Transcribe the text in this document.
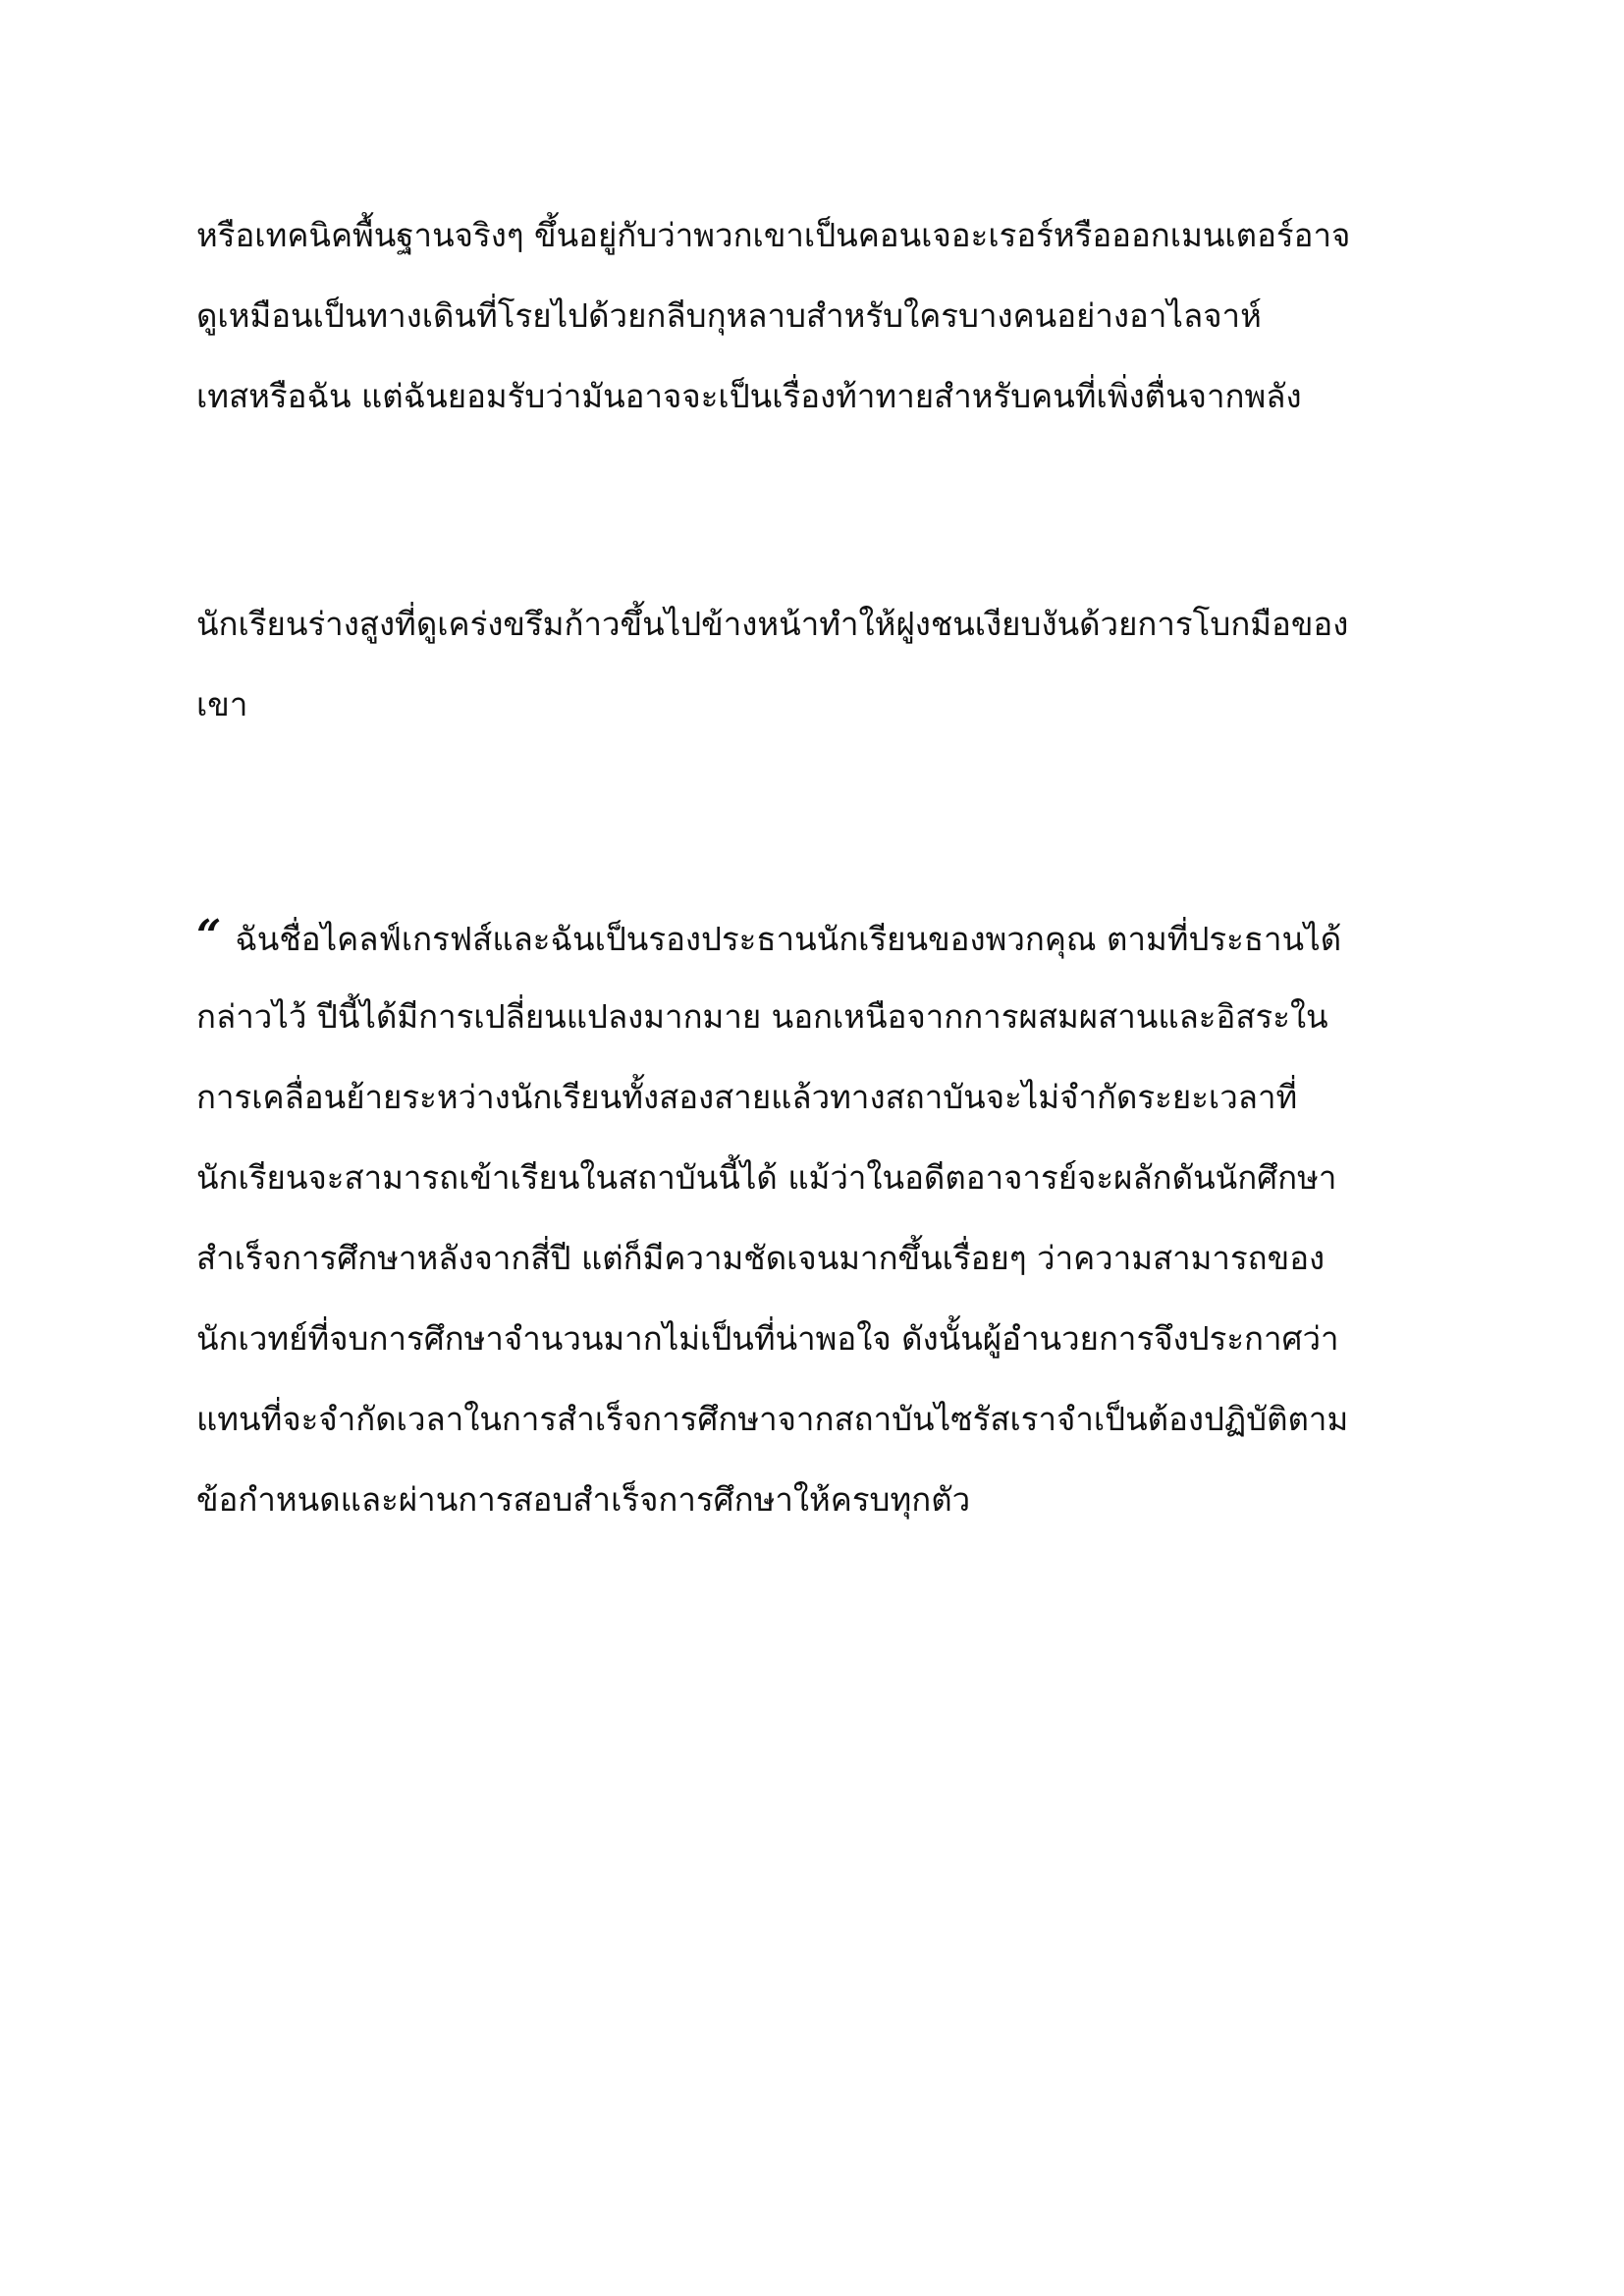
หรือเทคนิคพื้นฐานจริงๆ ขึ้นอยู่กับว่าพวกเขาเป็นคอนเจอะเรอร์หรือออกเมนเตอร์อาจ
ดูเหมือนเป็นทางเดินที่โรยไปด้วยกลีบกุหลาบสำหรับใครบางคนอย่างอาไลจาห์
เทสหรือฉัน แต่ฉันยอมรับว่ามันอาจจะเป็นเรื่องท้าทายสำหรับคนที่เพิ่งตื่นจากพลัง
นักเรียนร่างสูงที่ดูเคร่งขรึมก้าวขึ้นไปข้างหน้าทำให้ฝูงชนเงียบงันด้วยการโบกมือของ
เขา
“ ฉันชื่อไคลฟ์เกรฟส์และฉันเป็นรองประธานนักเรียนของพวกคุณ ตามที่ประธานได้
กล่าวไว้ ปีนี้ได้มีการเปลี่ยนแปลงมากมาย นอกเหนือจากการผสมผสานและอิสระใน
การเคลื่อนย้ายระหว่างนักเรียนทั้งสองสายแล้วทางสถาบันจะไม่จำกัดระยะเวลาที่
นักเรียนจะสามารถเข้าเรียนในสถาบันนี้ได้ แม้ว่าในอดีตอาจารย์จะผลักดันนักศึกษา
สำเร็จการศึกษาหลังจากสี่ปี แต่ก็มีความชัดเจนมากขึ้นเรื่อยๆ ว่าความสามารถของ
นักเวทย์ที่จบการศึกษาจำนวนมากไม่เป็นที่น่าพอใจ ดังนั้นผู้อำนวยการจึงประกาศว่า
แทนที่จะจำกัดเวลาในการสำเร็จการศึกษาจากสถาบันไซรัสเราจำเป็นต้องปฏิบัติตาม
ข้อกำหนดและผ่านการสอบสำเร็จการศึกษาให้ครบทุกตัว
